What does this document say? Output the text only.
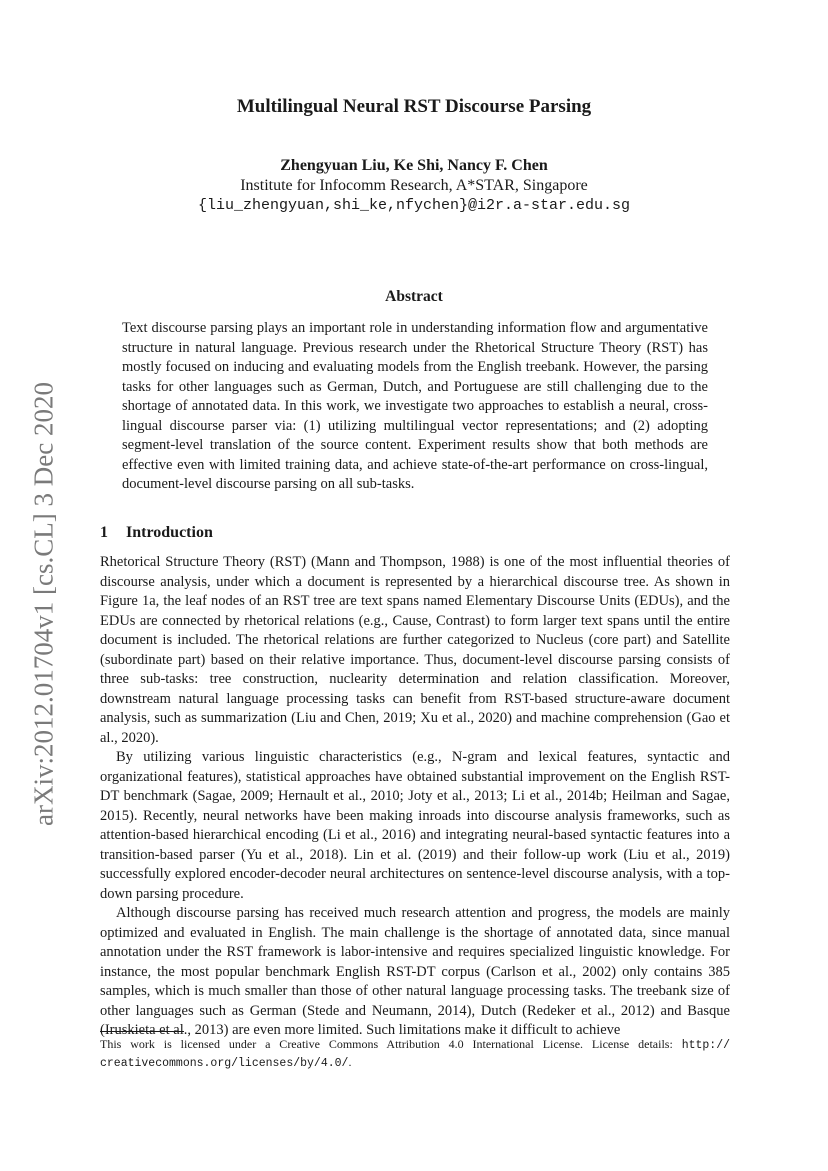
arXiv:2012.01704v1 [cs.CL] 3 Dec 2020
Multilingual Neural RST Discourse Parsing
Zhengyuan Liu, Ke Shi, Nancy F. Chen
Institute for Infocomm Research, A*STAR, Singapore
{liu_zhengyuan,shi_ke,nfychen}@i2r.a-star.edu.sg
Abstract

Text discourse parsing plays an important role in understanding information flow and argumentative structure in natural language. Previous research under the Rhetorical Structure Theory (RST) has mostly focused on inducing and evaluating models from the English treebank. However, the parsing tasks for other languages such as German, Dutch, and Portuguese are still challenging due to the shortage of annotated data. In this work, we investigate two approaches to establish a neural, cross-lingual discourse parser via: (1) utilizing multilingual vector representations; and (2) adopting segment-level translation of the source content. Experiment results show that both methods are effective even with limited training data, and achieve state-of-the-art performance on cross-lingual, document-level discourse parsing on all sub-tasks.

1 Introduction

Rhetorical Structure Theory (RST) (Mann and Thompson, 1988) is one of the most influential theories of discourse analysis, under which a document is represented by a hierarchical discourse tree. As shown in Figure 1a, the leaf nodes of an RST tree are text spans named Elementary Discourse Units (EDUs), and the EDUs are connected by rhetorical relations (e.g., Cause, Contrast) to form larger text spans until the entire document is included. The rhetorical relations are further categorized to Nucleus (core part) and Satellite (subordinate part) based on their relative importance. Thus, document-level discourse parsing consists of three sub-tasks: tree construction, nuclearity determination and relation classification. Moreover, downstream natural language processing tasks can benefit from RST-based structure-aware document analysis, such as summarization (Liu and Chen, 2019; Xu et al., 2020) and machine comprehension (Gao et al., 2020).

By utilizing various linguistic characteristics (e.g., N-gram and lexical features, syntactic and organizational features), statistical approaches have obtained substantial improvement on the English RST-DT benchmark (Sagae, 2009; Hernault et al., 2010; Joty et al., 2013; Li et al., 2014b; Heilman and Sagae, 2015). Recently, neural networks have been making inroads into discourse analysis frameworks, such as attention-based hierarchical encoding (Li et al., 2016) and integrating neural-based syntactic features into a transition-based parser (Yu et al., 2018). Lin et al. (2019) and their follow-up work (Liu et al., 2019) successfully explored encoder-decoder neural architectures on sentence-level discourse analysis, with a top-down parsing procedure.

Although discourse parsing has received much research attention and progress, the models are mainly optimized and evaluated in English. The main challenge is the shortage of annotated data, since manual annotation under the RST framework is labor-intensive and requires specialized linguistic knowledge. For instance, the most popular benchmark English RST-DT corpus (Carlson et al., 2002) only contains 385 samples, which is much smaller than those of other natural language processing tasks. The treebank size of other languages such as German (Stede and Neumann, 2014), Dutch (Redeker et al., 2012) and Basque (Iruskieta et al., 2013) are even more limited. Such limitations make it difficult to achieve

This work is licensed under a Creative Commons Attribution 4.0 International License. License details: http:// creativecommons.org/licenses/by/4.0/.
